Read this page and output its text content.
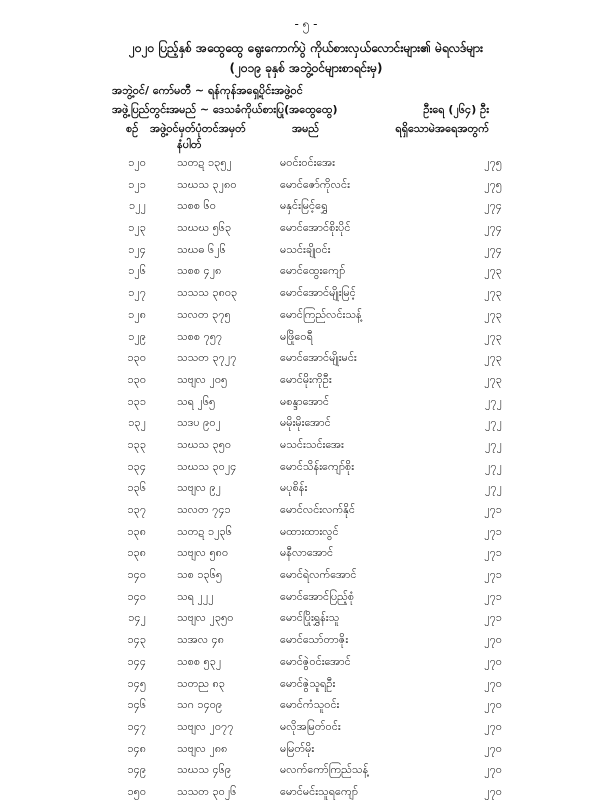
- ၅ -
၂၀၂၀ ပြည့်နှစ် အထွေထွေ ရွေးကောက်ပွဲ ကိုယ်စားလှယ်လောင်းများ၏ မဲရလဒ်များ
(၂၀၁၉ ခုနှစ် အဘွဲ့ဝင်များစာရင်းမှ)
အဘွဲ့ဝင်/ ကော်မတီ ~ ရန်ကုန်အရှေ့ပိုင်းအဖွဲ့ဝင်
အဖွဲ့ပြည်တွင်းအမည် ~ ဒေသခံကိုယ်စားပြု(အထွေထွေ)	ဦးရေ (၂၆၄) ဦး
စဉ် အဖွဲ့ဝင်မှတ်ပုံတင်အမှတ်
နံပါတ်
အမည်	ရရှိသောမဲအရေအတွက်
၁၂၀	သတဍ ၁၃၅၂	မဝင်းဝင်းအေး	၂၇၅
၁၂၁	သဃသ ၃၂၈၀	မောင်ဇော်ကိုလင်း	၂၇၅
၁၂၂	သစစ ၆၀	မနှင်းမြင့်ရွှေ	၂၇၄
၁၂၃	သဃဃ ၅၆၃	မောင်အောင်စိုးပိုင်	၂၇၄
၁၂၄	သဃဓ ၆၂၆	မသင်းချိုဝင်း	၂၇၄
၁၂၆	သစစ ၄၂၈	မောင်ထွေးကျော်	၂၇၃
၁၂၇	သသသ ၃၈၀၃	မောင်အောင်မျိုးမြင့်	၂၇၃
၁၂၈	သလတ ၃၇၅	မောင်ကြည်လင်းသန့်	၂၇၃
၁၂၉	သစစ ၇၅၇	မဖြိုဝေရီ	၂၇၃
၁၃၀	သသတ ၃၇၂၇	မောင်အောင်မျိုးမင်း	၂၇၃
၁၃၀	သဗျလ ၂၀၅	မောင်မိုးကိုဦး	၂၇၃
၁၃၁	သရ ၂၆၅	မစန္ဒာအောင်	၂၇၂
၁၃၂	သဒပ ၉၀၂	မမိုးမိုးအောင်	၂၇၂
၁၃၃	သဃသ ၃၅၀	မသင်းသင်းအေး	၂၇၂
၁၃၄	သဃသ ၃၀၂၄	မောင်သိန်းကျော်စိုး	၂၇၂
၁၃၆	သဗျလ ၉၂	မပုစိန်း	၂၇၂
၁၃၇	သလတ ၇၄၁	မောင်လင်းလက်နိုင်	၂၇၁
၁၃၈	သတဍ ၁၂၃၆	မထားထားလွင်	၂၇၁
၁၃၈	သဗျလ ၅၈၀	မနီလာအောင်	၂၇၁
၁၄၀	သစ ၁၃၆၅	မောင်ရဲလက်အောင်	၂၇၁
၁၄၀	သရ ၂၂၂	မောင်အောင်ပြည့်စုံ	၂၇၁
၁၄၂	သဗျလ ၂၃၅၀	မောင်ပြိုးရွှန်းသူ	၂၇၁
၁၄၃	သအလ ၄၈	မောင်သော်တာဇိုး	၂၇၀
၁၄၄	သစစ ၅၃၂	မောင်ဇွဲဝင်းအောင်	၂၇၀
၁၄၅	သတည ၈၃	မောင်ဇွဲသူရဦး	၂၇၀
၁၄၆	သဂ ၁၄၀၉	မောင်ကံသူဝင်း	၂၇၀
၁၄၇	သဗျလ ၂၀၇၇	မလိုအမြတ်ဝင်း	၂၇၀
၁၄၈	သဗျလ ၂၈၈	မမြတ်မိုး	၂၇၀
၁၄၉	သဃသ ၄၆၉	မလက်ကော်ကြည်သန့်	၂၇၀
၁၅၀	သသတ ၃၀၂၆	မောင်မင်းသူရကျော်	၂၇၀
